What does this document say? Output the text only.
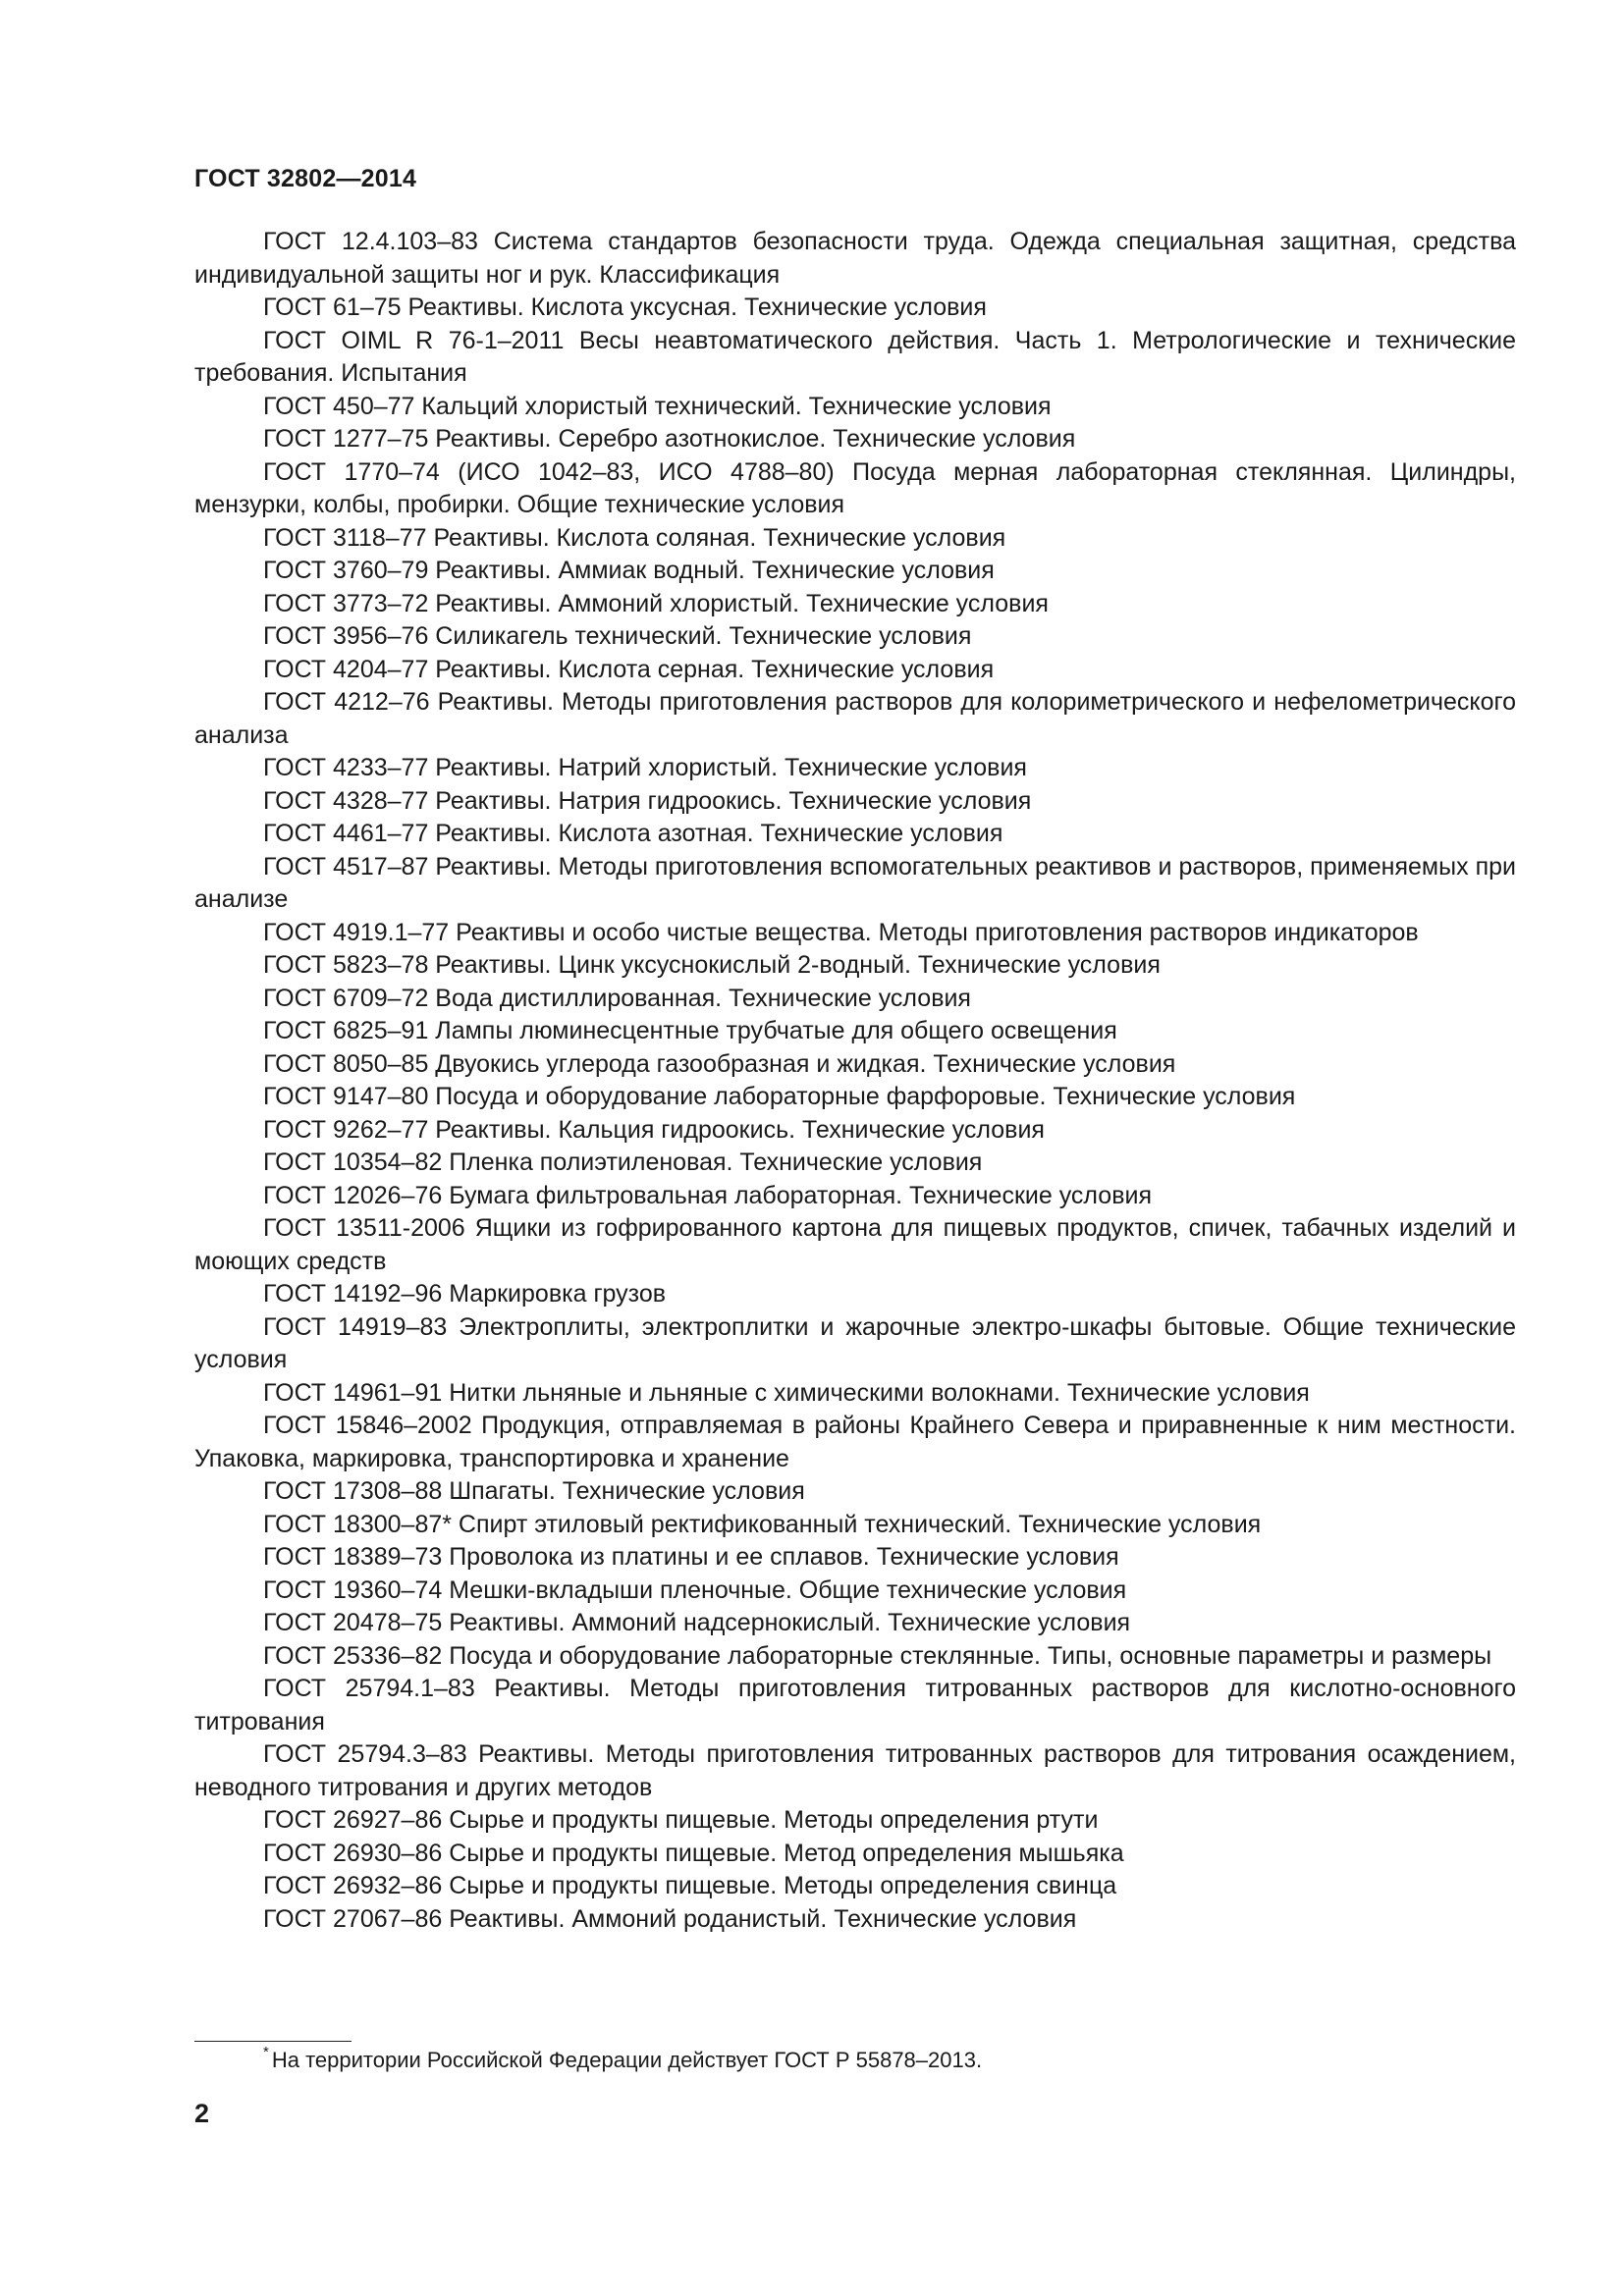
ГОСТ 32802—2014
ГОСТ 12.4.103–83 Система стандартов безопасности труда. Одежда специальная защитная, средства индивидуальной защиты ног и рук. Классификация
ГОСТ 61–75 Реактивы. Кислота уксусная. Технические условия
ГОСТ OIML R 76-1–2011 Весы неавтоматического действия. Часть 1. Метрологические и технические требования. Испытания
ГОСТ 450–77 Кальций хлористый технический. Технические условия
ГОСТ 1277–75 Реактивы. Серебро азотнокислое. Технические условия
ГОСТ 1770–74 (ИСО 1042–83, ИСО 4788–80) Посуда мерная лабораторная стеклянная. Цилиндры, мензурки, колбы, пробирки. Общие технические условия
ГОСТ 3118–77 Реактивы. Кислота соляная. Технические условия
ГОСТ 3760–79 Реактивы. Аммиак водный. Технические условия
ГОСТ 3773–72 Реактивы. Аммоний хлористый. Технические условия
ГОСТ 3956–76 Силикагель технический. Технические условия
ГОСТ 4204–77 Реактивы. Кислота серная. Технические условия
ГОСТ 4212–76 Реактивы. Методы приготовления растворов для колориметрического и нефелометрического анализа
ГОСТ 4233–77 Реактивы. Натрий хлористый. Технические условия
ГОСТ 4328–77 Реактивы. Натрия гидроокись. Технические условия
ГОСТ 4461–77 Реактивы. Кислота азотная. Технические условия
ГОСТ 4517–87 Реактивы. Методы приготовления вспомогательных реактивов и растворов, применяемых при анализе
ГОСТ 4919.1–77 Реактивы и особо чистые вещества. Методы приготовления растворов индикаторов
ГОСТ 5823–78 Реактивы. Цинк уксуснокислый 2-водный. Технические условия
ГОСТ 6709–72 Вода дистиллированная. Технические условия
ГОСТ 6825–91 Лампы люминесцентные трубчатые для общего освещения
ГОСТ 8050–85 Двуокись углерода газообразная и жидкая. Технические условия
ГОСТ 9147–80 Посуда и оборудование лабораторные фарфоровые. Технические условия
ГОСТ 9262–77 Реактивы. Кальция гидроокись. Технические условия
ГОСТ 10354–82 Пленка полиэтиленовая. Технические условия
ГОСТ 12026–76 Бумага фильтровальная лабораторная. Технические условия
ГОСТ 13511-2006 Ящики из гофрированного картона для пищевых продуктов, спичек, табачных изделий и моющих средств
ГОСТ 14192–96 Маркировка грузов
ГОСТ 14919–83 Электроплиты, электроплитки и жарочные электро-шкафы бытовые. Общие технические условия
ГОСТ 14961–91 Нитки льняные и льняные с химическими волокнами. Технические условия
ГОСТ 15846–2002 Продукция, отправляемая в районы Крайнего Севера и приравненные к ним местности. Упаковка, маркировка, транспортировка и хранение
ГОСТ 17308–88 Шпагаты. Технические условия
ГОСТ 18300–87* Спирт этиловый ректификованный технический. Технические условия
ГОСТ 18389–73 Проволока из платины и ее сплавов. Технические условия
ГОСТ 19360–74 Мешки-вкладыши пленочные. Общие технические условия
ГОСТ 20478–75 Реактивы. Аммоний надсернокислый. Технические условия
ГОСТ 25336–82 Посуда и оборудование лабораторные стеклянные. Типы, основные параметры и размеры
ГОСТ 25794.1–83 Реактивы. Методы приготовления титрованных растворов для кислотно-основного титрования
ГОСТ 25794.3–83 Реактивы. Методы приготовления титрованных растворов для титрования осаждением, неводного титрования и других методов
ГОСТ 26927–86 Сырье и продукты пищевые. Методы определения ртути
ГОСТ 26930–86 Сырье и продукты пищевые. Метод определения мышьяка
ГОСТ 26932–86 Сырье и продукты пищевые. Методы определения свинца
ГОСТ 27067–86 Реактивы. Аммоний роданистый. Технические условия
* На территории Российской Федерации действует ГОСТ Р 55878–2013.
2
